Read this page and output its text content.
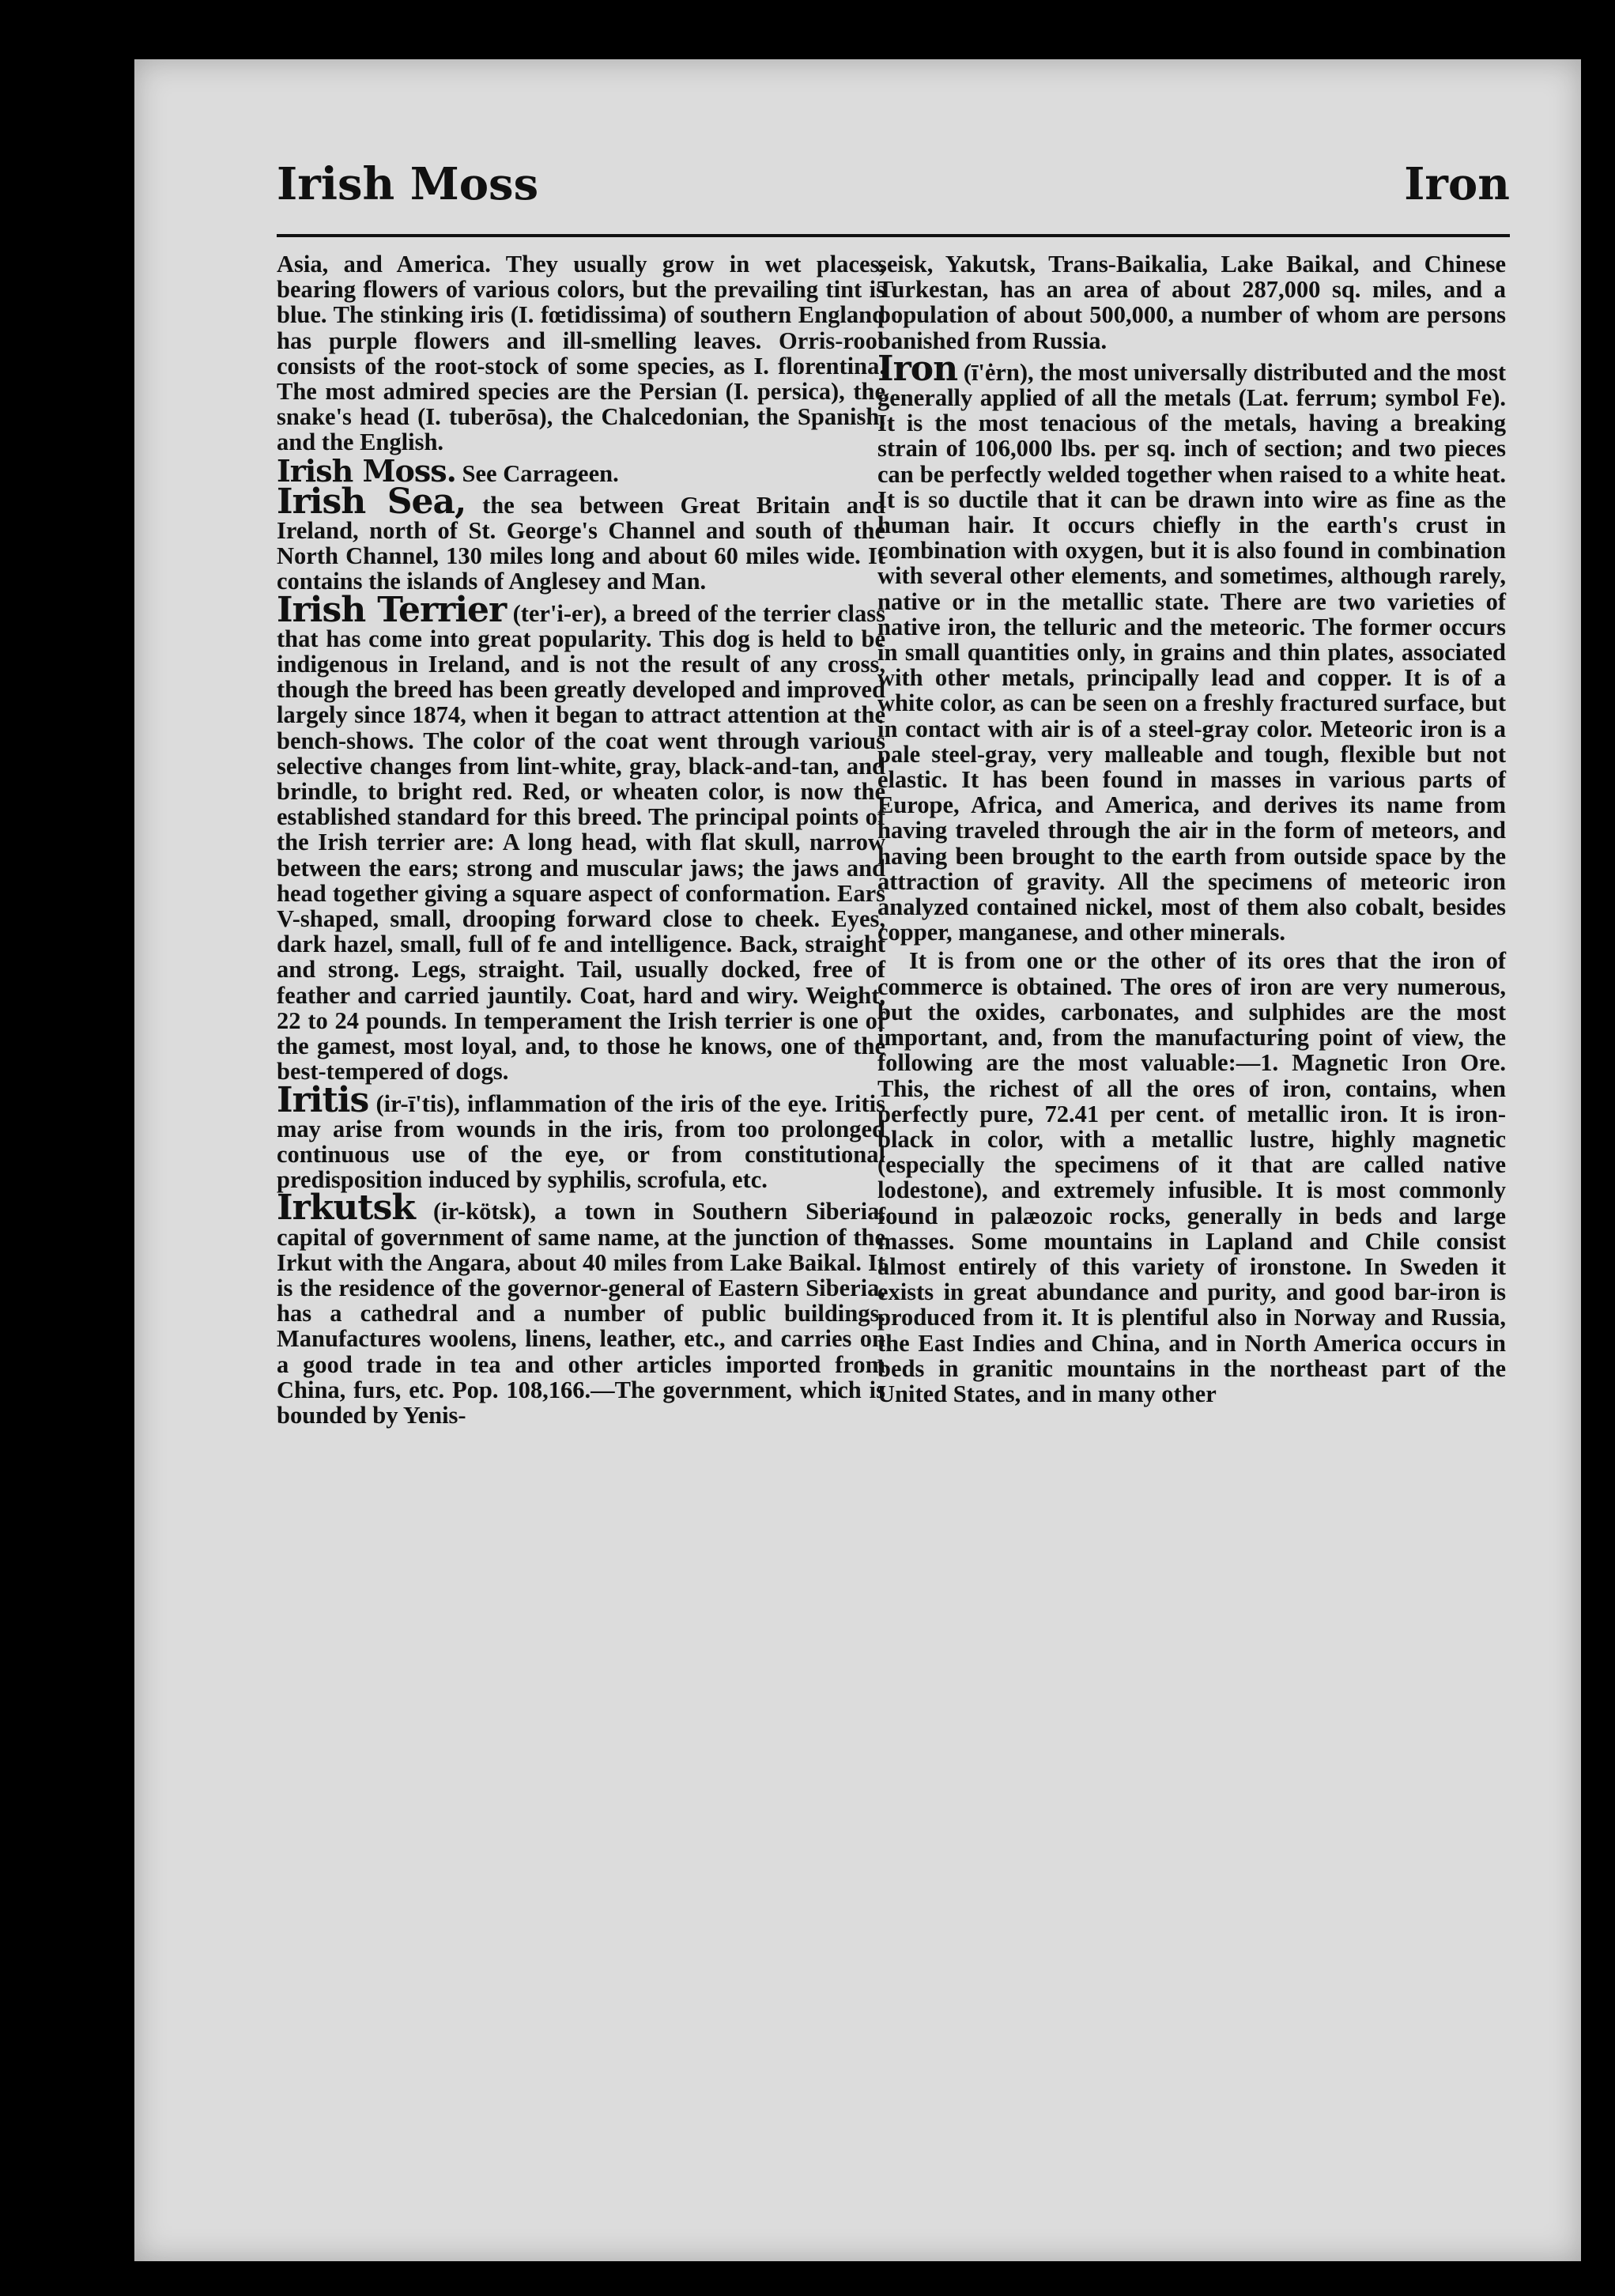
Irish Moss	Iron

Asia, and America. They usually grow in wet places, bearing flowers of various colors, but the prevailing tint is blue. The stinking iris (I. fœtidissima) of southern England has purple flowers and ill-smelling leaves. Orris-root consists of the root-stock of some species, as I. florentina. The most admired species are the Persian (I. persica), the snake's head (I. tuberōsa), the Chalcedonian, the Spanish, and the English.

Irish Moss. See Carrageen.

Irish Sea, the sea between Great Britain and Ireland, north of St. George's Channel and south of the North Channel, 130 miles long and about 60 miles wide. It contains the islands of Anglesey and Man.

Irish Terrier (ter'i-er), a breed of the terrier class that has come into great popularity. This dog is held to be indigenous in Ireland, and is not the result of any cross, though the breed has been greatly developed and improved largely since 1874, when it began to attract attention at the bench-shows. The color of the coat went through various selective changes from lint-white, gray, black-and-tan, and brindle, to bright red. Red, or wheaten color, is now the established standard for this breed. The principal points of the Irish terrier are: A long head, with flat skull, narrow between the ears; strong and muscular jaws; the jaws and head together giving a square aspect of conformation. Ears V-shaped, small, drooping forward close to cheek. Eyes, dark hazel, small, full of fe and intelligence. Back, straight and strong. Legs, straight. Tail, usually docked, free of feather and carried jauntily. Coat, hard and wiry. Weight, 22 to 24 pounds. In temperament the Irish terrier is one of the gamest, most loyal, and, to those he knows, one of the best-tempered of dogs.

Iritis (ir-ī'tis), inflammation of the iris of the eye. Iritis may arise from wounds in the iris, from too prolonged continuous use of the eye, or from constitutional predisposition induced by syphilis, scrofula, etc.

Irkutsk (ir-kötsk), a town in Southern Siberia, capital of government of same name, at the junction of the Irkut with the Angara, about 40 miles from Lake Baikal. It is the residence of the governor-general of Eastern Siberia, has a cathedral and a number of public buildings. Manufactures woolens, linens, leather, etc., and carries on a good trade in tea and other articles imported from China, furs, etc. Pop. 108,166.—The government, which is bounded by Yenis-

seisk, Yakutsk, Trans-Baikalia, Lake Baikal, and Chinese Turkestan, has an area of about 287,000 sq. miles, and a population of about 500,000, a number of whom are persons banished from Russia.

Iron (ī'ėrn), the most universally distributed and the most generally applied of all the metals (Lat. ferrum; symbol Fe). It is the most tenacious of the metals, having a breaking strain of 106,000 lbs. per sq. inch of section; and two pieces can be perfectly welded together when raised to a white heat. It is so ductile that it can be drawn into wire as fine as the human hair. It occurs chiefly in the earth's crust in combination with oxygen, but it is also found in combination with several other elements, and sometimes, although rarely, native or in the metallic state. There are two varieties of native iron, the telluric and the meteoric. The former occurs in small quantities only, in grains and thin plates, associated with other metals, principally lead and copper. It is of a white color, as can be seen on a freshly fractured surface, but in contact with air is of a steel-gray color. Meteoric iron is a pale steel-gray, very malleable and tough, flexible but not elastic. It has been found in masses in various parts of Europe, Africa, and America, and derives its name from having traveled through the air in the form of meteors, and having been brought to the earth from outside space by the attraction of gravity. All the specimens of meteoric iron analyzed contained nickel, most of them also cobalt, besides copper, manganese, and other minerals.

It is from one or the other of its ores that the iron of commerce is obtained. The ores of iron are very numerous, but the oxides, carbonates, and sulphides are the most important, and, from the manufacturing point of view, the following are the most valuable:—1. Magnetic Iron Ore. This, the richest of all the ores of iron, contains, when perfectly pure, 72.41 per cent. of metallic iron. It is iron-black in color, with a metallic lustre, highly magnetic (especially the specimens of it that are called native lodestone), and extremely infusible. It is most commonly found in palæozoic rocks, generally in beds and large masses. Some mountains in Lapland and Chile consist almost entirely of this variety of ironstone. In Sweden it exists in great abundance and purity, and good bar-iron is produced from it. It is plentiful also in Norway and Russia, the East Indies and China, and in North America occurs in beds in granitic mountains in the northeast part of the United States, and in many other
